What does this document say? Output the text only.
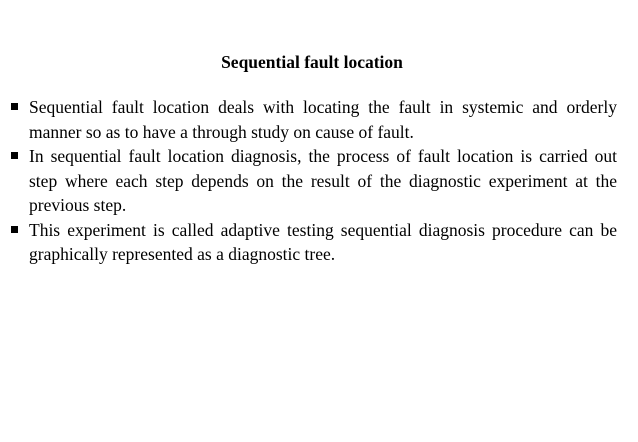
Sequential fault location
Sequential fault location deals with locating the fault in systemic and orderly manner so as to have a through study on cause of fault.
In sequential fault location diagnosis, the process of fault location is carried out step where each step depends on the result of the diagnostic experiment at the previous step.
This experiment is called adaptive testing sequential diagnosis procedure can be graphically represented as a diagnostic tree.
